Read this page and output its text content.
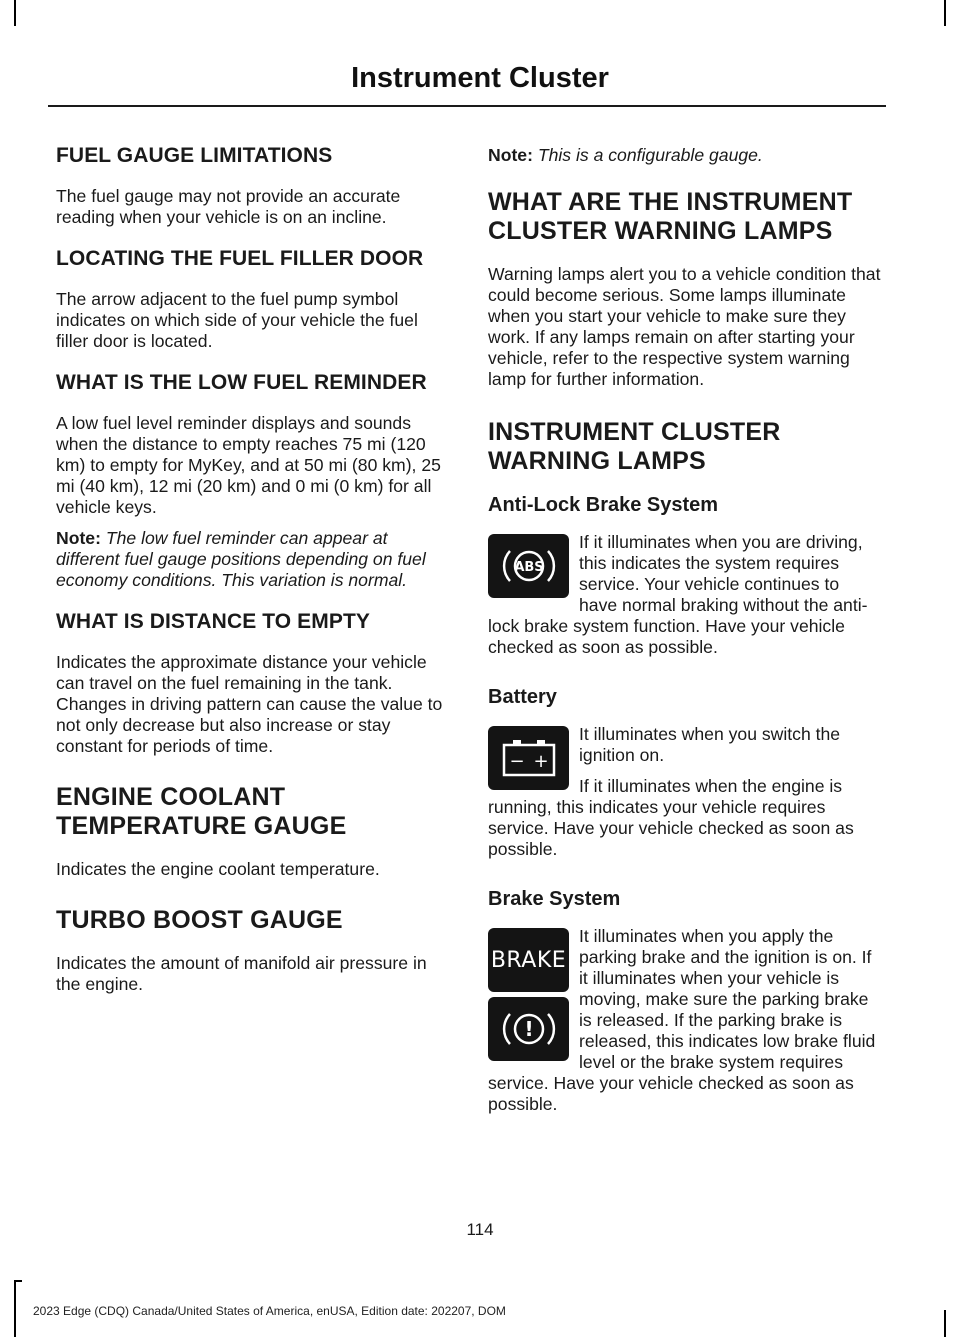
Instrument Cluster
FUEL GAUGE LIMITATIONS

The fuel gauge may not provide an accurate reading when your vehicle is on an incline.

LOCATING THE FUEL FILLER DOOR

The arrow adjacent to the fuel pump symbol indicates on which side of your vehicle the fuel filler door is located.

WHAT IS THE LOW FUEL REMINDER

A low fuel level reminder displays and sounds when the distance to empty reaches 75 mi (120 km) to empty for MyKey, and at 50 mi (80 km), 25 mi (40 km), 12 mi (20 km) and 0 mi (0 km) for all vehicle keys.

Note: The low fuel reminder can appear at different fuel gauge positions depending on fuel economy conditions. This variation is normal.

WHAT IS DISTANCE TO EMPTY

Indicates the approximate distance your vehicle can travel on the fuel remaining in the tank. Changes in driving pattern can cause the value to not only decrease but also increase or stay constant for periods of time.

ENGINE COOLANT TEMPERATURE GAUGE

Indicates the engine coolant temperature.

TURBO BOOST GAUGE

Indicates the amount of manifold air pressure in the engine.

Note: This is a configurable gauge.

WHAT ARE THE INSTRUMENT CLUSTER WARNING LAMPS

Warning lamps alert you to a vehicle condition that could become serious. Some lamps illuminate when you start your vehicle to make sure they work. If any lamps remain on after starting your vehicle, refer to the respective system warning lamp for further information.

INSTRUMENT CLUSTER WARNING LAMPS
Anti-Lock Brake System
ABS

If it illuminates when you are driving, this indicates the system requires service. Your vehicle continues to have normal braking without the anti-lock brake system function. Have your vehicle checked as soon as possible.

Battery
− +

It illuminates when you switch the ignition on.

If it illuminates when the engine is running, this indicates your vehicle requires service. Have your vehicle checked as soon as possible.

Brake System
BRAKE
!

It illuminates when you apply the parking brake and the ignition is on. If it illuminates when your vehicle is moving, make sure the parking brake is released. If the parking brake is released, this indicates low brake fluid level or the brake system requires service. Have your vehicle checked as soon as possible.

114
2023 Edge (CDQ) Canada/United States of America, enUSA, Edition date: 202207, DOM
